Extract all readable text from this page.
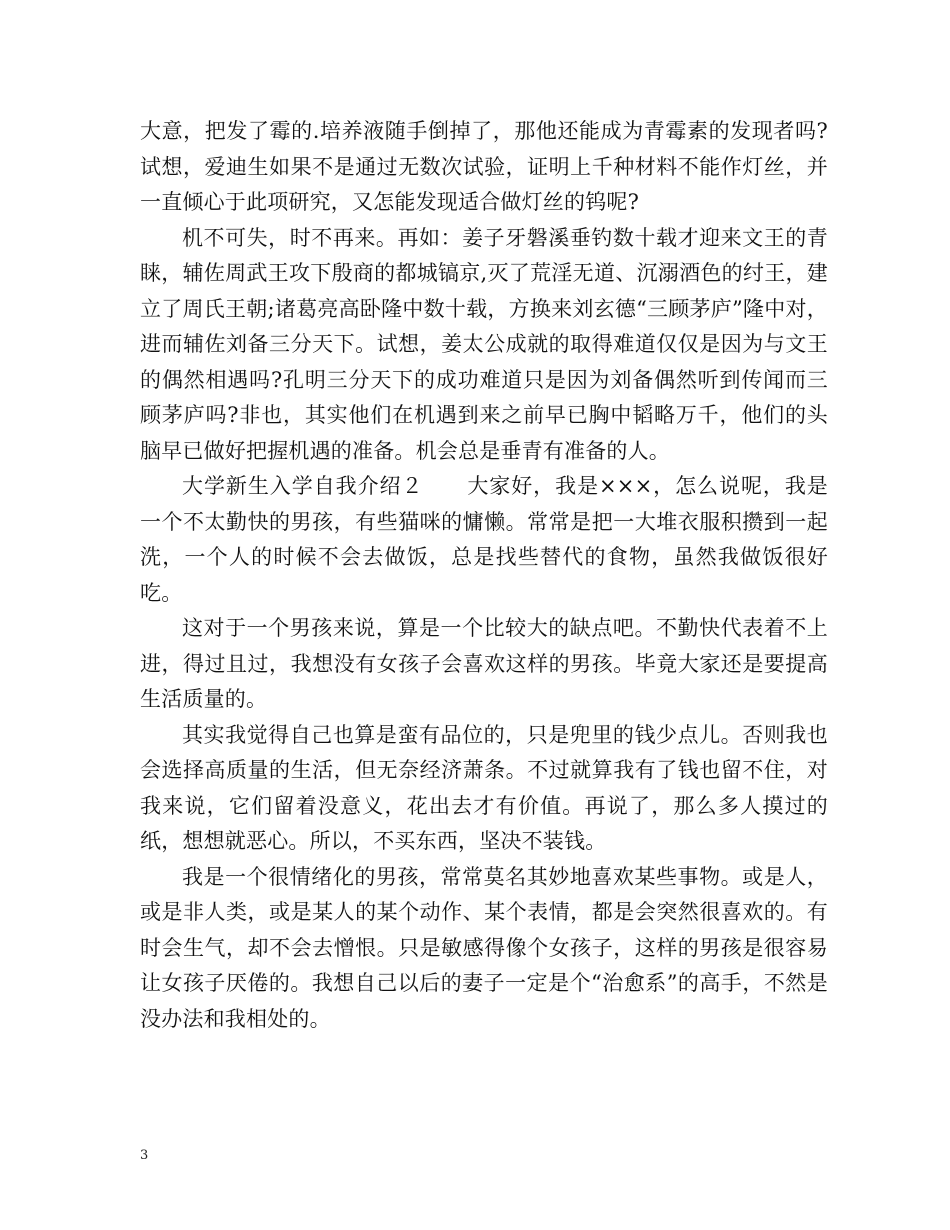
大意，把发了霉的.培养液随手倒掉了，那他还能成为青霉素的发现者吗?试想，爱迪生如果不是通过无数次试验，证明上千种材料不能作灯丝，并一直倾心于此项研究，又怎能发现适合做灯丝的钨呢?

机不可失，时不再来。再如：姜子牙磐溪垂钓数十载才迎来文王的青睐，辅佐周武王攻下殷商的都城镐京,灭了荒淫无道、沉溺酒色的纣王，建立了周氏王朝;诸葛亮高卧隆中数十载，方换来刘玄德“三顾茅庐”隆中对，进而辅佐刘备三分天下。试想，姜太公成就的取得难道仅仅是因为与文王的偶然相遇吗?孔明三分天下的成功难道只是因为刘备偶然听到传闻而三顾茅庐吗?非也，其实他们在机遇到来之前早已胸中韬略万千，他们的头脑早已做好把握机遇的准备。机会总是垂青有准备的人。

大学新生入学自我介绍２　　大家好，我是×××，怎么说呢，我是一个不太勤快的男孩，有些猫咪的慵懒。常常是把一大堆衣服积攒到一起洗，一个人的时候不会去做饭，总是找些替代的食物，虽然我做饭很好吃。

这对于一个男孩来说，算是一个比较大的缺点吧。不勤快代表着不上进，得过且过，我想没有女孩子会喜欢这样的男孩。毕竟大家还是要提高生活质量的。

其实我觉得自己也算是蛮有品位的，只是兜里的钱少点儿。否则我也会选择高质量的生活，但无奈经济萧条。不过就算我有了钱也留不住，对我来说，它们留着没意义，花出去才有价值。再说了，那么多人摸过的纸，想想就恶心。所以，不买东西，坚决不装钱。

我是一个很情绪化的男孩，常常莫名其妙地喜欢某些事物。或是人，或是非人类，或是某人的某个动作、某个表情，都是会突然很喜欢的。有时会生气，却不会去憎恨。只是敏感得像个女孩子，这样的男孩是很容易让女孩子厌倦的。我想自己以后的妻子一定是个“治愈系”的高手，不然是没办法和我相处的。

3
